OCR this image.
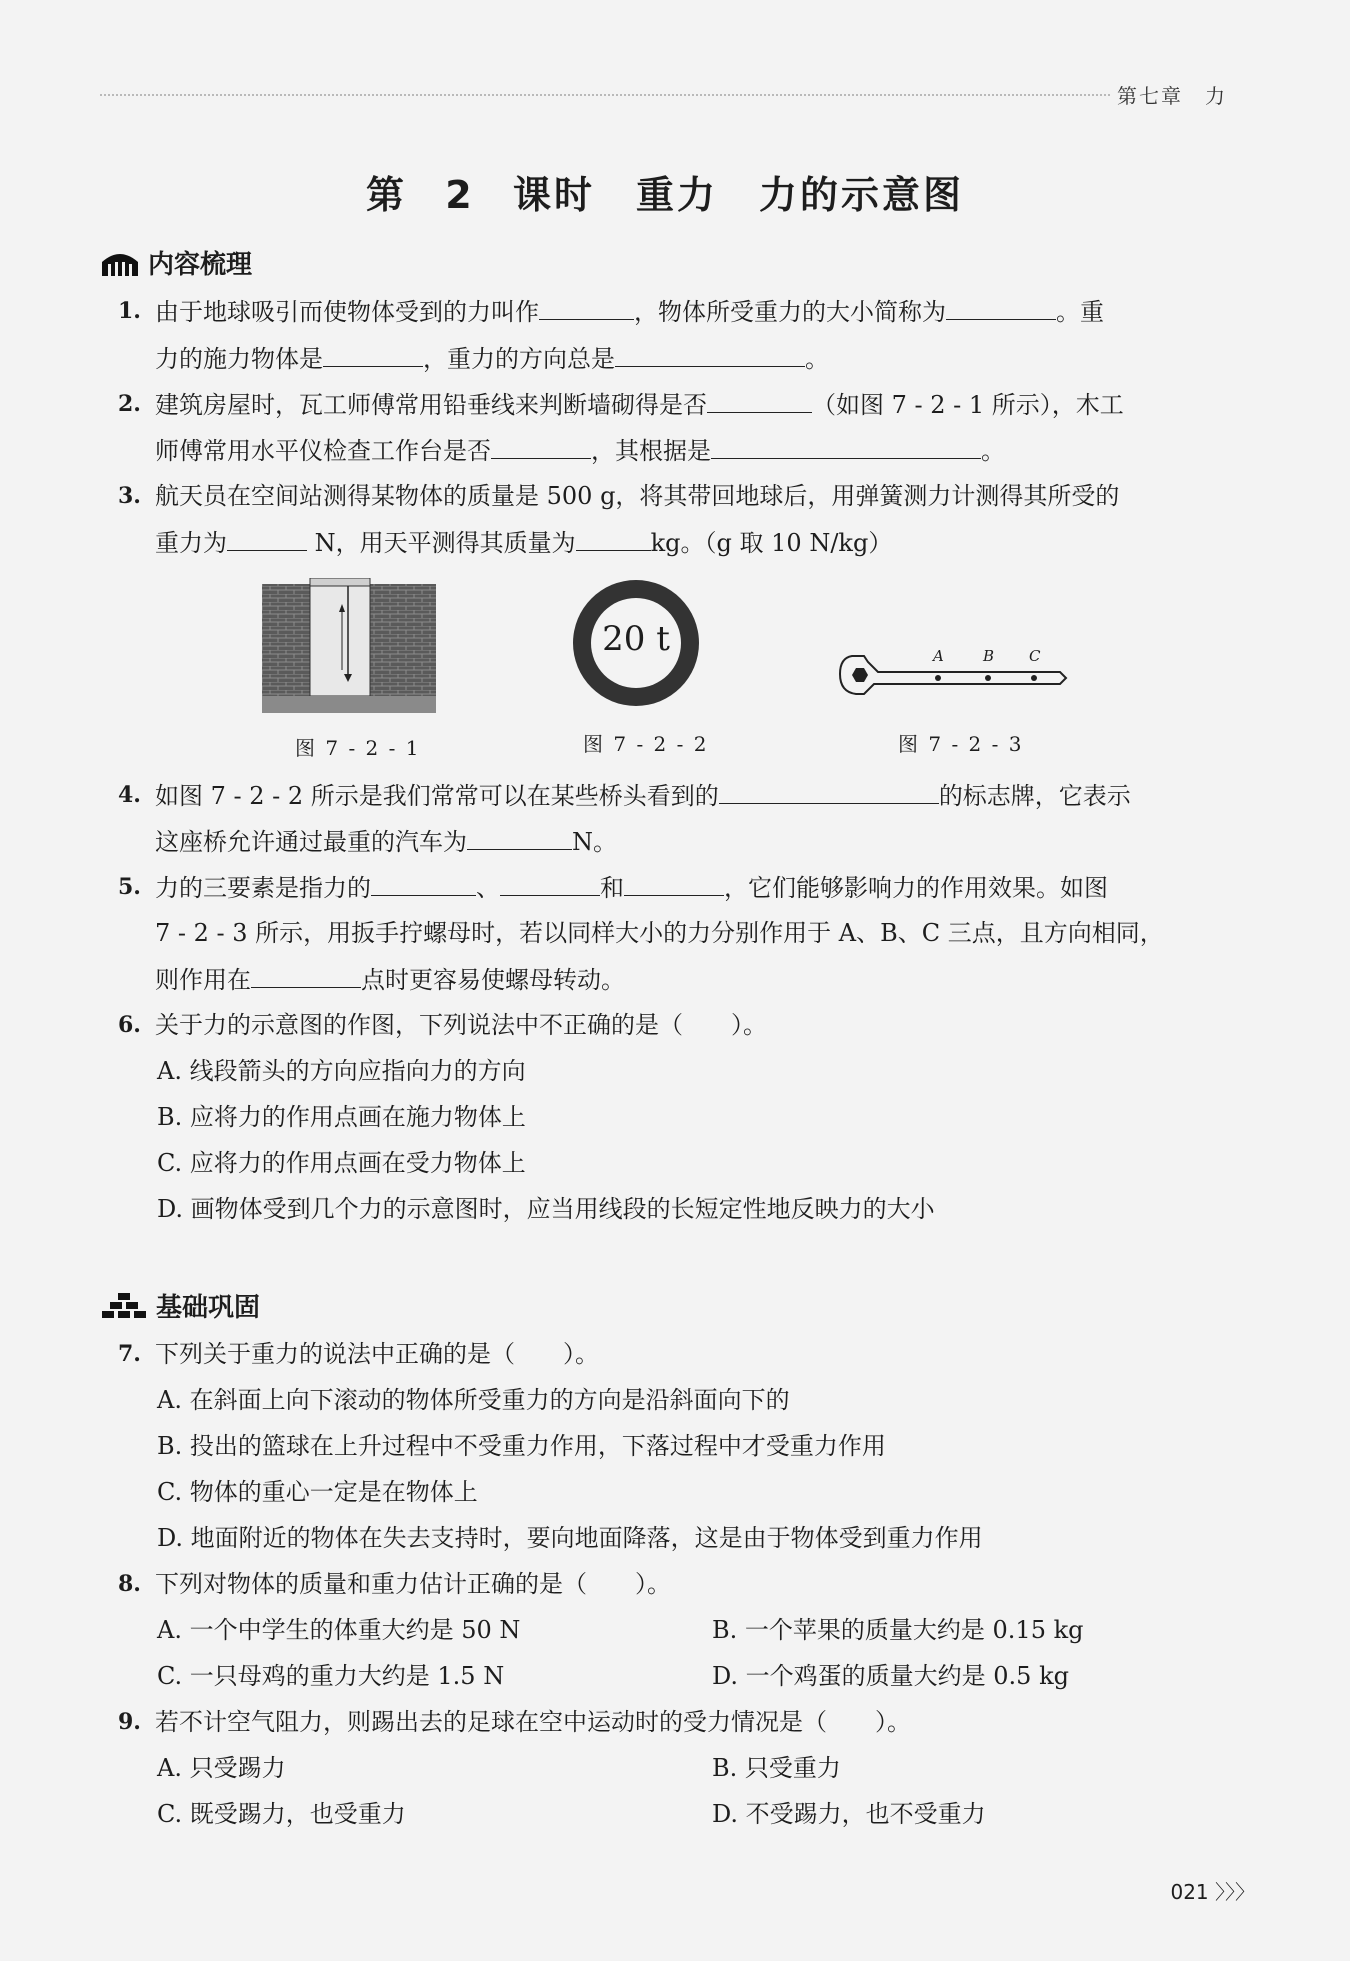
第七章　力
第 2 课时　重力　力的示意图
内容梳理
1. 由于地球吸引而使物体受到的力叫作	，物体所受重力的大小简称为	。重
力的施力物体是	，重力的方向总是	。
2. 建筑房屋时，瓦工师傅常用铅垂线来判断墙砌得是否	（如图 7 - 2 - 1 所示），木工
师傅常用水平仪检查工作台是否	，其根据是	。
3. 航天员在空间站测得某物体的质量是 500 g，将其带回地球后，用弹簧测力计测得其所受的
重力为	N，用天平测得其质量为	kg。（g 取 10 N/kg）
图 7 - 2 - 1
20 t
图 7 - 2 - 2
A	B C
图 7 - 2 - 3
4. 如图 7 - 2 - 2 所示是我们常常可以在某些桥头看到的	的标志牌，它表示
这座桥允许通过最重的汽车为	N。
5. 力的三要素是指力的	、	和	，它们能够影响力的作用效果。如图
7 - 2 - 3 所示，用扳手拧螺母时，若以同样大小的力分别作用于 A、B、C 三点，且方向相同，
则作用在	点时更容易使螺母转动。
6. 关于力的示意图的作图，下列说法中不正确的是（　　）。
A. 线段箭头的方向应指向力的方向
B. 应将力的作用点画在施力物体上
C. 应将力的作用点画在受力物体上
D. 画物体受到几个力的示意图时，应当用线段的长短定性地反映力的大小
基础巩固
7. 下列关于重力的说法中正确的是（　　）。
A. 在斜面上向下滚动的物体所受重力的方向是沿斜面向下的
B. 投出的篮球在上升过程中不受重力作用，下落过程中才受重力作用
C. 物体的重心一定是在物体上
D. 地面附近的物体在失去支持时，要向地面降落，这是由于物体受到重力作用
8. 下列对物体的质量和重力估计正确的是（　　）。
A. 一个中学生的体重大约是 50 N	B. 一个苹果的质量大约是 0.15 kg
C. 一只母鸡的重力大约是 1.5 N	D. 一个鸡蛋的质量大约是 0.5 kg
9. 若不计空气阻力，则踢出去的足球在空中运动时的受力情况是（　　）。
A. 只受踢力	B. 只受重力
C. 既受踢力，也受重力	D. 不受踢力，也不受重力
021 〉〉〉
